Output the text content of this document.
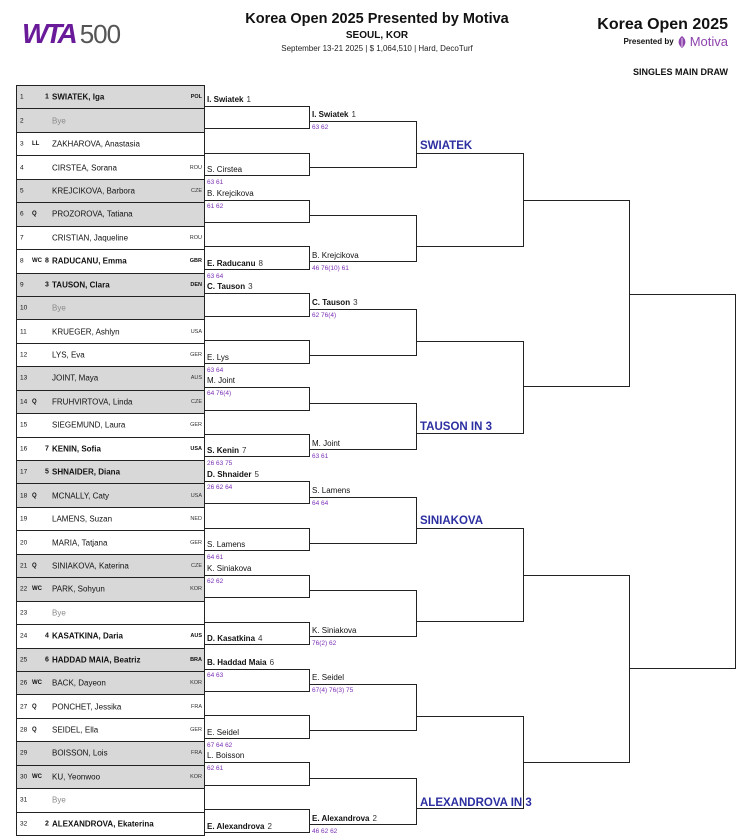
WTA 500	Korea Open 2025 Presented by Motiva
SEOUL, KOR
September 13-21 2025 | $ 1,064,510 | Hard, DecoTurf
Korea Open 2025
Presented by Motiva
SINGLES MAIN DRAW
1	1 SWIATEK, Iga	POL
2	Bye
3 LL ZAKHAROVA, Anastasia
4	CIRSTEA, Sorana	ROU
5	KREJCIKOVA, Barbora	CZE
6 Q PROZOROVA, Tatiana
7	CRISTIAN, Jaqueline	ROU
8 WC 8 RADUCANU, Emma	GBR
9	3 TAUSON, Clara	DEN
10	Bye
11	KRUEGER, Ashlyn	USA
12	LYS, Eva	GER
13	JOINT, Maya	AUS
14 Q FRUHVIRTOVA, Linda	CZE
15	SIEGEMUND, Laura	GER
16	7 KENIN, Sofia	USA
17	5 SHNAIDER, Diana
18 Q MCNALLY, Caty	USA
19	LAMENS, Suzan	NED
20	MARIA, Tatjana	GER
21 Q SINIAKOVA, Katerina	CZE
22 WC PARK, Sohyun	KOR
23	Bye
24	4 KASATKINA, Daria	AUS
25	6 HADDAD MAIA, Beatriz	BRA
26 WC BACK, Dayeon	KOR
27 Q PONCHET, Jessika	FRA
28 Q SEIDEL, Ella	GER
29	BOISSON, Lois	FRA
30 WC KU, Yeonwoo	KOR
31	Bye
32	2 ALEXANDROVA, Ekaterina
I. Swiatek 1
S. Cirstea
63 61
B. Krejcikova
61 62
E. Raducanu 8
63 64
C. Tauson 3
E. Lys
63 64
M. Joint
64 76(4)
S. Kenin 7
26 63 75
D. Shnaider 5
26 62 64
S. Lamens
64 61
K. Siniakova
62 62
D. Kasatkina 4
B. Haddad Maia 6
64 63
E. Seidel
67 64 62
L. Boisson
62 61
E. Alexandrova 2
I. Swiatek 1
63 62
B. Krejcikova
46 76(10) 61
C. Tauson 3
62 76(4)
M. Joint
63 61
S. Lamens
64 64
K. Siniakova
76(2) 62
E. Seidel
67(4) 76(3) 75
E. Alexandrova 2
46 62 62
SWIATEK
TAUSON IN 3
SINIAKOVA
ALEXANDROVA IN 3
